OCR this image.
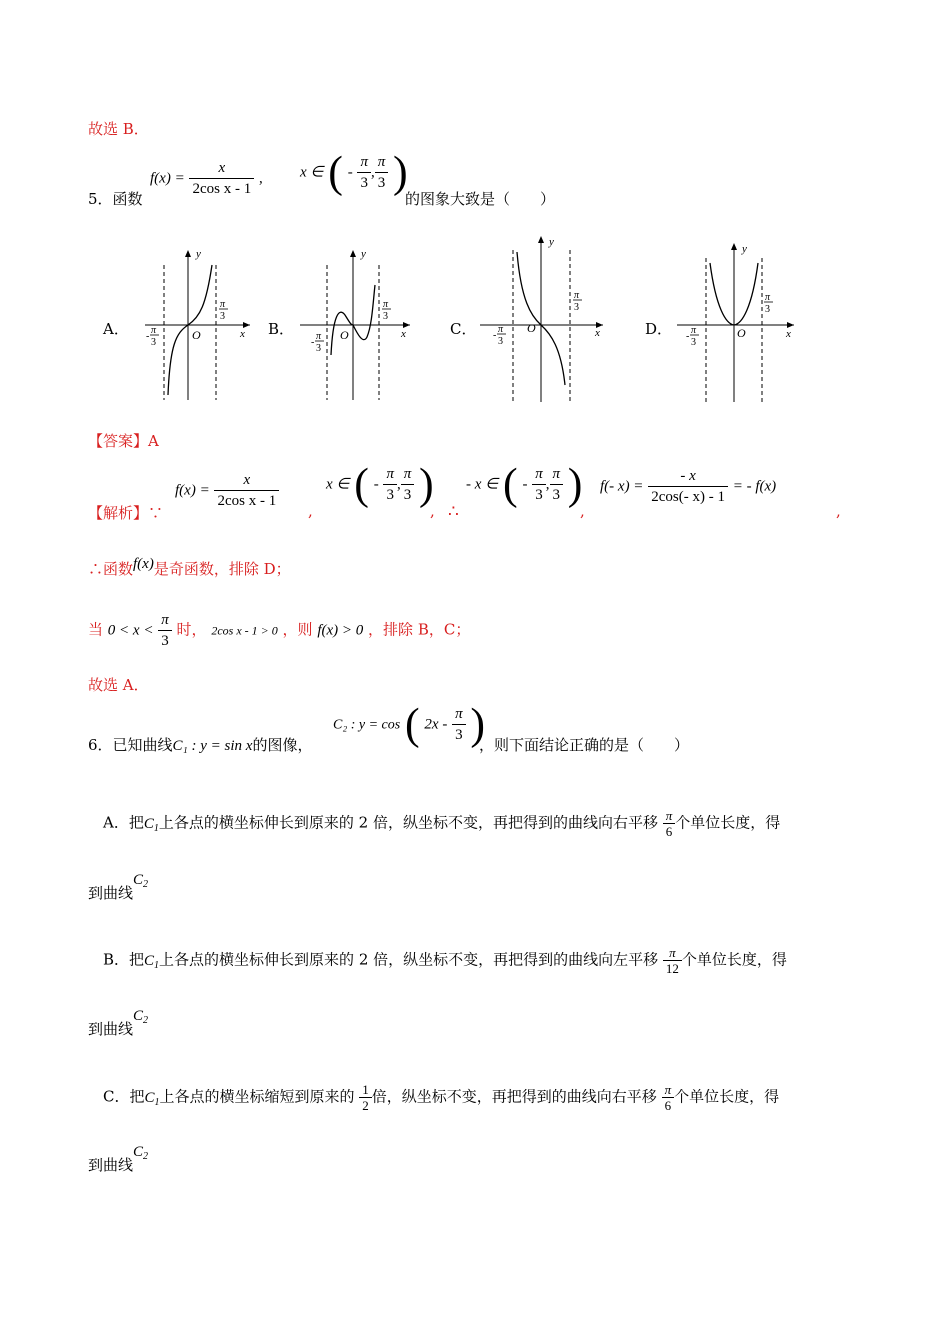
故选 B．
5．函数
$f(x) = \frac{x}{\text{2cos x - 1}}$ , x ∈ ( - $\frac{\pi}{3}$ , $\frac{\pi}{3}$ )
的图象大致是（　　）
A．
y
x
O
π
3
-
π
3
B．
y
x
O
π
3
-
π
3
C．
y
x
O
π
3
-
π
3
D．
y
x
O
π
3
-
π
3
【答案】A
【解析】∵
$f(x) = \frac{x}{\text{2cos x - 1}}$ ,
x ∈ ( - $\frac{\pi}{3}$ , $\frac{\pi}{3}$ )
, ∴
- x ∈ ( - $\frac{\pi}{3}$ , $\frac{\pi}{3}$ )
,
f(- $x) = \frac{- x}{2\cos(- x) - 1}$ = - f(x)
,
∴函数f(x)是奇函数，排除 D；
当 $0 < x < \frac{\pi}{3}$ 时， 2cos x - 1 > 0 ，则 f(x) > 0 ，排除 B，C；
故选 A．
6．已知曲线C₁ : y = sin x的图像，
C₂ : y = cos ( $2x - \frac{\pi}{3}$ )
，则下面结论正确的是（　　）
A．把$C_1$上各点的横坐标伸长到原来的 2 倍，纵坐标不变，再把得到的曲线向右平移 $\frac{\pi}{6}$ 个单位长度，得
到曲线$C_2$
B．把$C_1$上各点的横坐标伸长到原来的 2 倍，纵坐标不变，再把得到的曲线向左平移 $\frac{\pi}{12}$ 个单位长度，得
到曲线$C_2$
C．把$C_1$上各点的横坐标缩短到原来的 $\frac{1}{2}$ 倍，纵坐标不变，再把得到的曲线向右平移 $\frac{\pi}{6}$ 个单位长度，得
到曲线$C_2$
